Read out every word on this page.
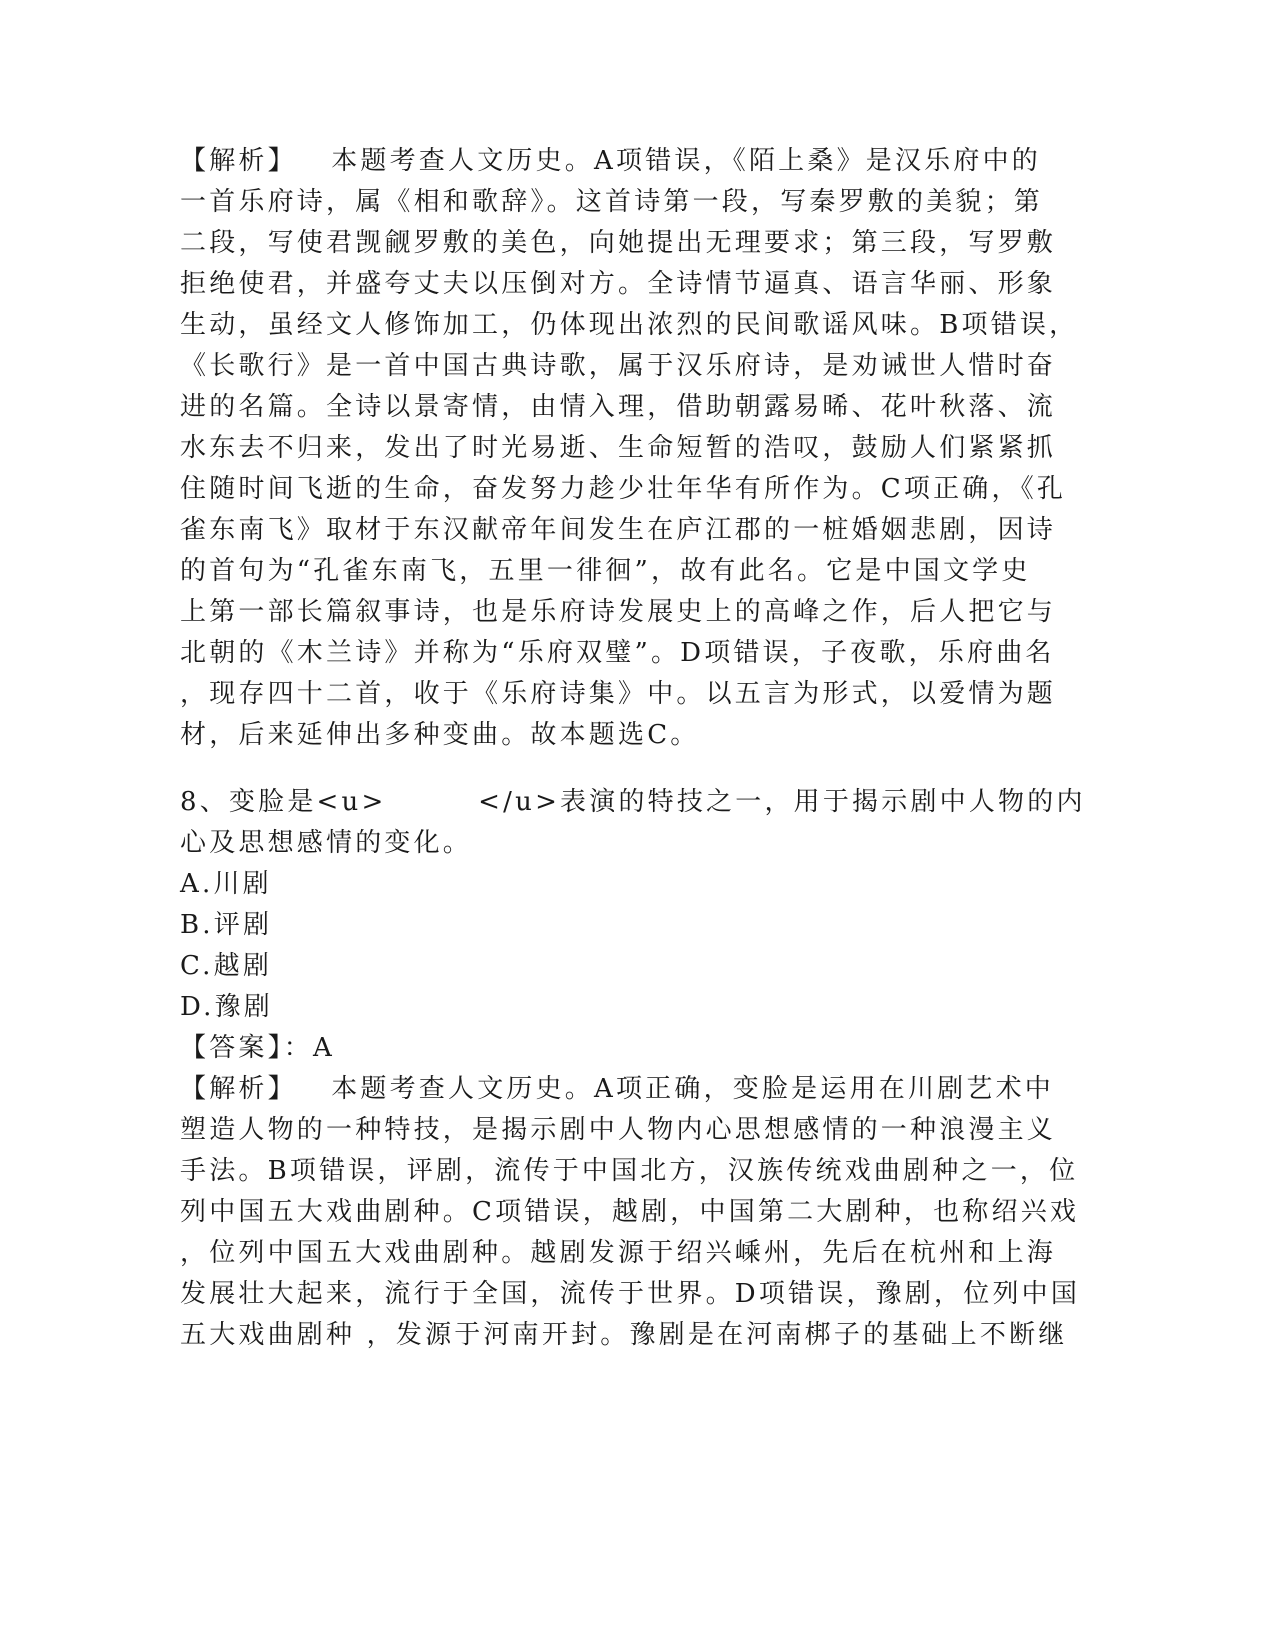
【解析】   本题考查人文历史。A项错误，《陌上桑》是汉乐府中的
一首乐府诗，属《相和歌辞》。这首诗第一段，写秦罗敷的美貌；第
二段，写使君觊觎罗敷的美色，向她提出无理要求；第三段，写罗敷
拒绝使君，并盛夸丈夫以压倒对方。全诗情节逼真、语言华丽、形象
生动，虽经文人修饰加工，仍体现出浓烈的民间歌谣风味。B项错误，
《长歌行》是一首中国古典诗歌，属于汉乐府诗，是劝诫世人惜时奋
进的名篇。全诗以景寄情，由情入理，借助朝露易晞、花叶秋落、流
水东去不归来，发出了时光易逝、生命短暂的浩叹，鼓励人们紧紧抓
住随时间飞逝的生命，奋发努力趁少壮年华有所作为。C项正确，《孔
雀东南飞》取材于东汉献帝年间发生在庐江郡的一桩婚姻悲剧，因诗
的首句为“孔雀东南飞，五里一徘徊”，故有此名。它是中国文学史
上第一部长篇叙事诗，也是乐府诗发展史上的高峰之作，后人把它与
北朝的《木兰诗》并称为“乐府双璧”。D项错误，子夜歌，乐府曲名
，现存四十二首，收于《乐府诗集》中。以五言为形式，以爱情为题
材，后来延伸出多种变曲。故本题选C。
8、变脸是<u>        </u>表演的特技之一，用于揭示剧中人物的内
心及思想感情的变化。
A.川剧
B.评剧
C.越剧
D.豫剧
【答案】：A
【解析】   本题考查人文历史。A项正确，变脸是运用在川剧艺术中
塑造人物的一种特技，是揭示剧中人物内心思想感情的一种浪漫主义
手法。B项错误，评剧，流传于中国北方，汉族传统戏曲剧种之一，位
列中国五大戏曲剧种。C项错误，越剧，中国第二大剧种，也称绍兴戏
，位列中国五大戏曲剧种。越剧发源于绍兴嵊州，先后在杭州和上海
发展壮大起来，流行于全国，流传于世界。D项错误，豫剧，位列中国
五大戏曲剧种 ，发源于河南开封。豫剧是在河南梆子的基础上不断继
